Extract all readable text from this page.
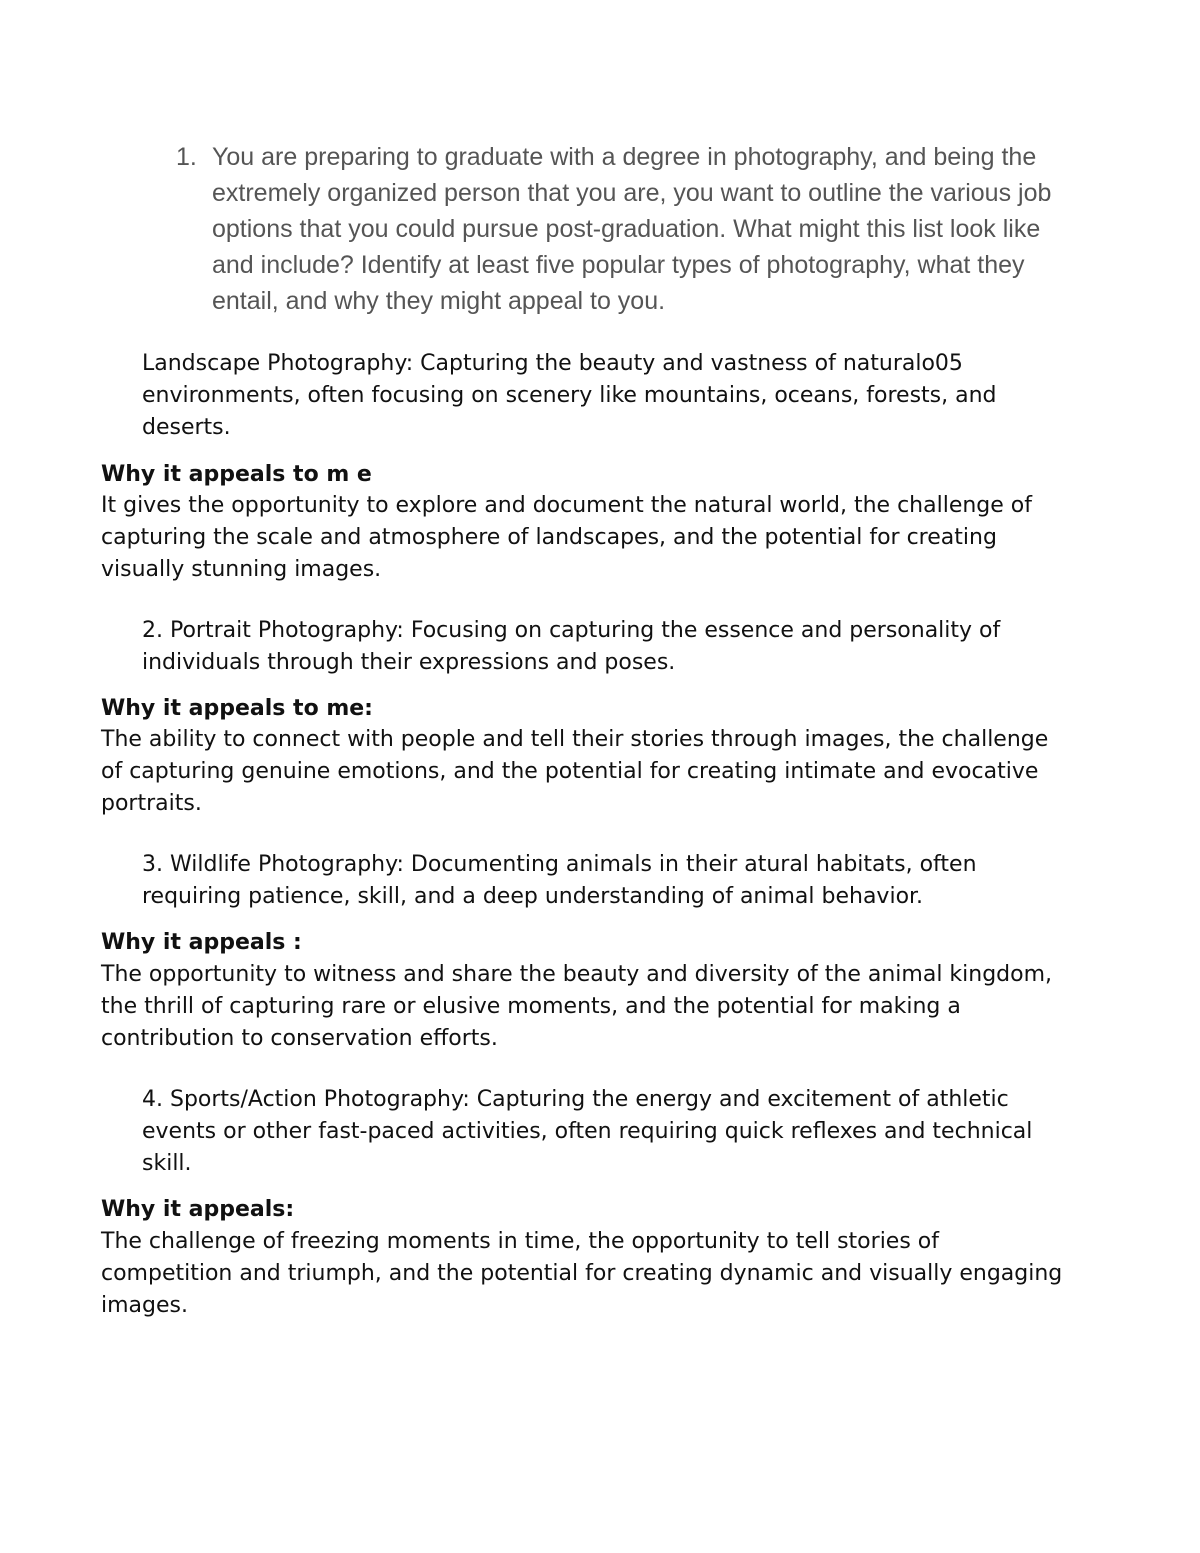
1. You are preparing to graduate with a degree in photography, and being the extremely organized person that you are, you want to outline the various job options that you could pursue post-graduation. What might this list look like and include? Identify at least five popular types of photography, what they entail, and why they might appeal to you.
Landscape Photography: Capturing the beauty and vastness of naturalo05 environments, often focusing on scenery like mountains, oceans, forests, and deserts.
Why it appeals to m e
It gives the opportunity to explore and document the natural world, the challenge of capturing the scale and atmosphere of landscapes, and the potential for creating visually stunning images.
2. Portrait Photography: Focusing on capturing the essence and personality of individuals through their expressions and poses.
Why it appeals to me:
The ability to connect with people and tell their stories through images, the challenge of capturing genuine emotions, and the potential for creating intimate and evocative portraits.
3. Wildlife Photography: Documenting animals in their atural habitats, often requiring patience, skill, and a deep understanding of animal behavior.
Why it appeals :
The opportunity to witness and share the beauty and diversity of the animal kingdom, the thrill of capturing rare or elusive moments, and the potential for making a contribution to conservation efforts.
4. Sports/Action Photography: Capturing the energy and excitement of athletic events or other fast-paced activities, often requiring quick reflexes and technical skill.
Why it appeals:
The challenge of freezing moments in time, the opportunity to tell stories of competition and triumph, and the potential for creating dynamic and visually engaging images.
